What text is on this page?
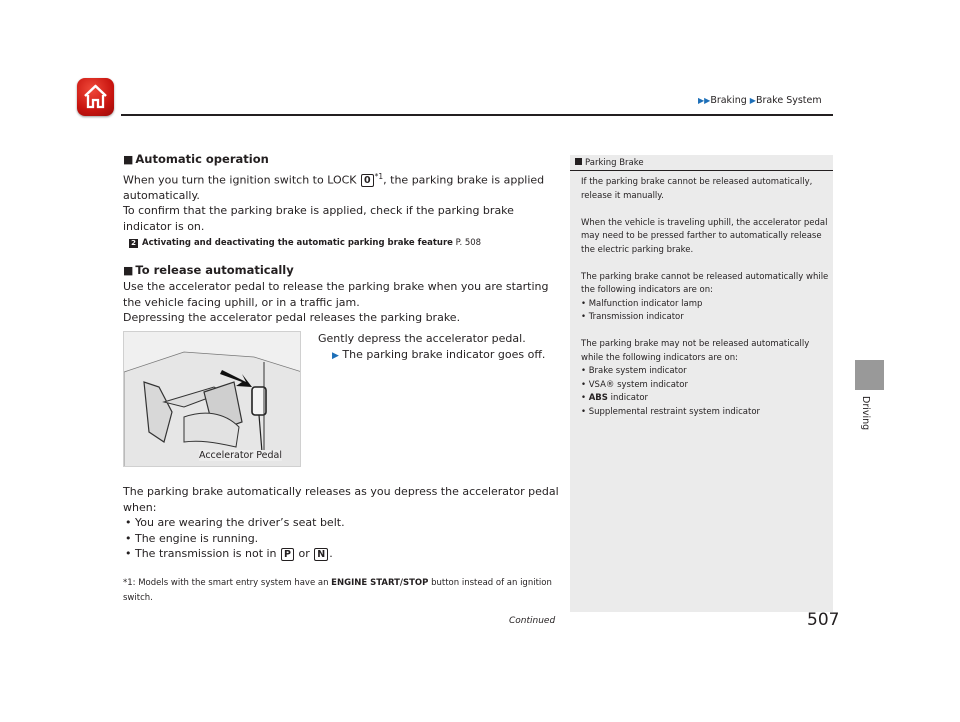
▶▶Braking ▶Brake System
Driving
■ Automatic operation

When you turn the ignition switch to LOCK 0 $^{*1}$, the parking brake is applied automatically.

To confirm that the parking brake is applied, check if the parking brake indicator is on.

2 Activating and deactivating the automatic parking brake feature P. 508
■ To release automatically

Use the accelerator pedal to release the parking brake when you are starting the vehicle facing uphill, or in a traffic jam.

Depressing the accelerator pedal releases the parking brake.

Accelerator Pedal
Gently depress the accelerator pedal.
▶ The parking brake indicator goes off.

The parking brake automatically releases as you depress the accelerator pedal when:

• You are wearing the driver’s seat belt.

• The engine is running.

• The transmission is not in P or N .

*1: Models with the smart entry system have an ENGINE START/STOP button instead of an ignition switch.
Parking Brake

If the parking brake cannot be released automatically, release it manually.

When the vehicle is traveling uphill, the accelerator pedal may need to be pressed farther to automatically release the electric parking brake.

The parking brake cannot be released automatically while the following indicators are on:
• Malfunction indicator lamp
• Transmission indicator

The parking brake may not be released automatically while the following indicators are on:
• Brake system indicator
• VSA® system indicator
• ABS indicator
• Supplemental restraint system indicator

Continued	507
